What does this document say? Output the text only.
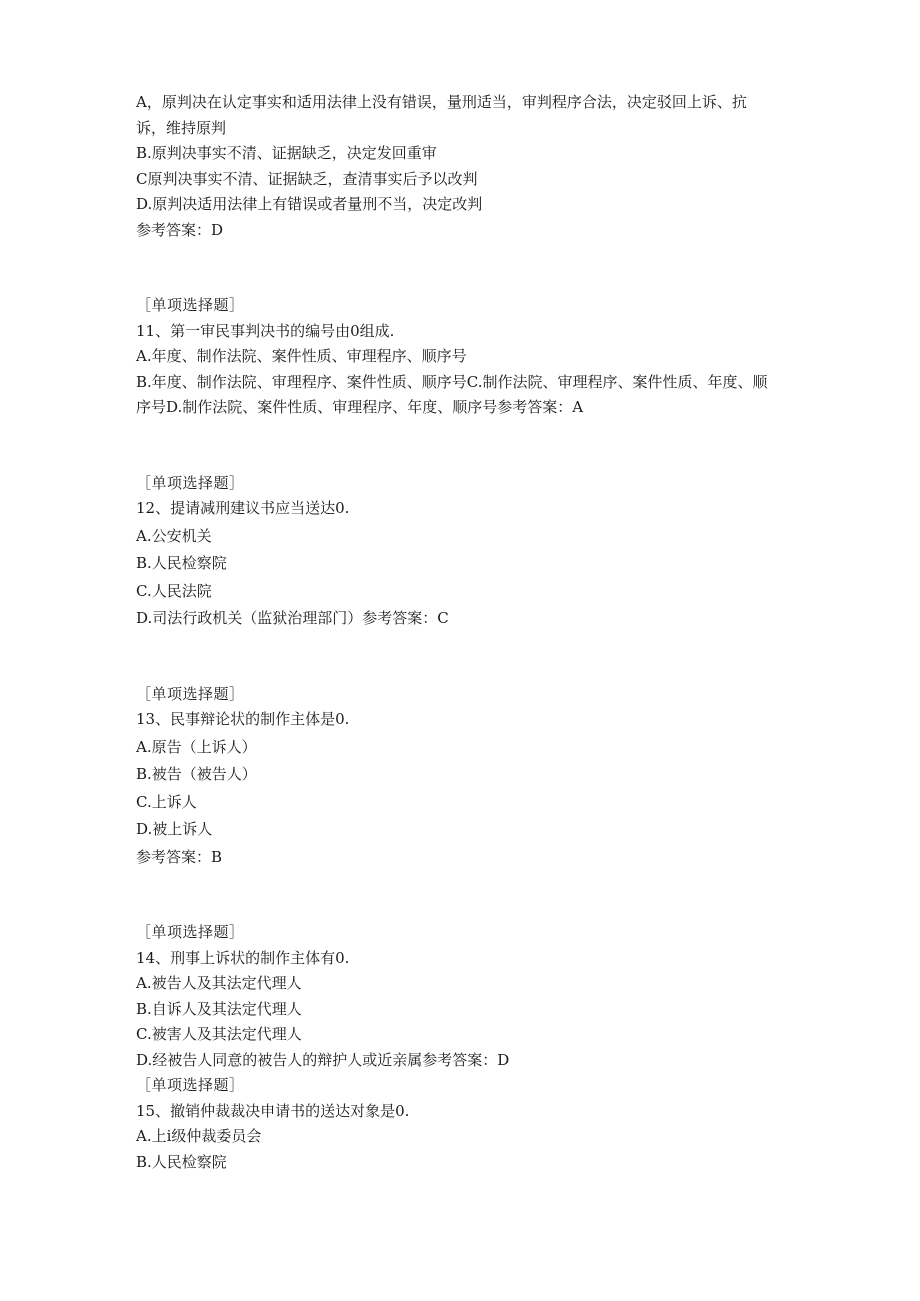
A，原判决在认定事实和适用法律上没有错误，量刑适当，审判程序合法，决定驳回上诉、抗诉，维持原判

B.原判决事实不清、证据缺乏，决定发回重审

C原判决事实不清、证据缺乏，查清事实后予以改判

D.原判决适用法律上有错误或者量刑不当，决定改判

参考答案：D

［单项选择题］

11、第一审民事判决书的编号由0组成.

A.年度、制作法院、案件性质、审理程序、顺序号

B.年度、制作法院、审理程序、案件性质、顺序号C.制作法院、审理程序、案件性质、年度、顺序号D.制作法院、案件性质、审理程序、年度、顺序号参考答案：A

［单项选择题］

12、提请减刑建议书应当送达0.

A.公安机关

B.人民检察院

C.人民法院

D.司法行政机关（监狱治理部门）参考答案：C

［单项选择题］

13、民事辩论状的制作主体是0.

A.原告（上诉人）

B.被告（被告人）

C.上诉人

D.被上诉人

参考答案：B

［单项选择题］

14、刑事上诉状的制作主体有0.

A.被告人及其法定代理人

B.自诉人及其法定代理人

C.被害人及其法定代理人

D.经被告人同意的被告人的辩护人或近亲属参考答案：D

［单项选择题］

15、撤销仲裁裁决申请书的送达对象是0.

A.上i级仲裁委员会

B.人民检察院
